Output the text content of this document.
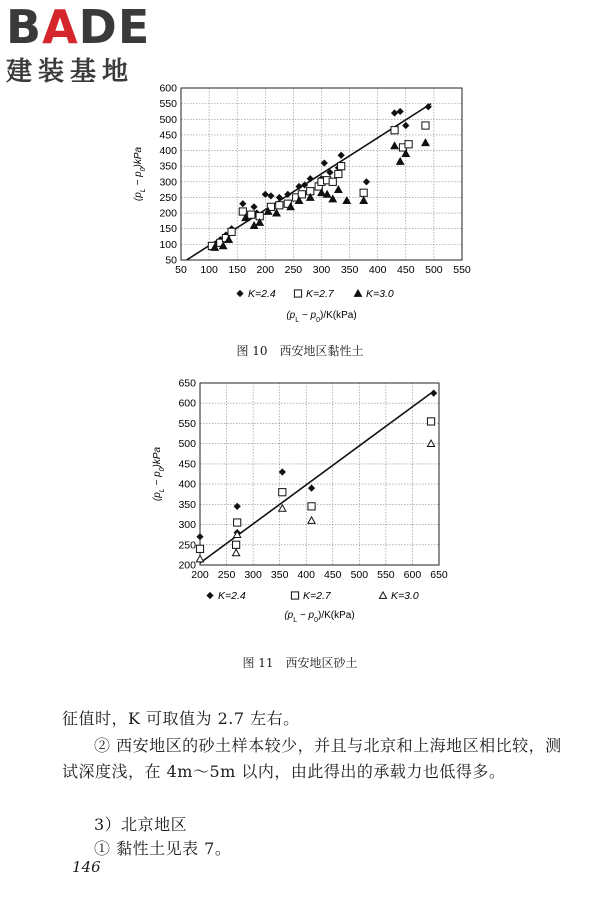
BADE
建装基地
50 100 150 200 250 300 350 400 450 500 550
50
100
150
200
250
300
350
400
450
500
550
600
K=2.4	K=2.7	K=3.0
$(p_L - p_0)kPa$
$(p_L - p_0)/K(kPa)$
图 10　西安地区黏性土
200 250 300 350 400 450 500 550 600 650
200
250
300
350
400
450
500
550
600
650
K=2.4	K=2.7	K=3.0
$(p_L - p_0)kPa$
$(p_L - p_0)/K(kPa)$
图 11　西安地区砂土
征值时，K 可取值为 2.7 左右。
② 西安地区的砂土样本较少，并且与北京和上海地区相比较，测试深度浅，在 4m～5m 以内，由此得出的承载力也低得多。
3）北京地区
① 黏性土见表 7。
146
